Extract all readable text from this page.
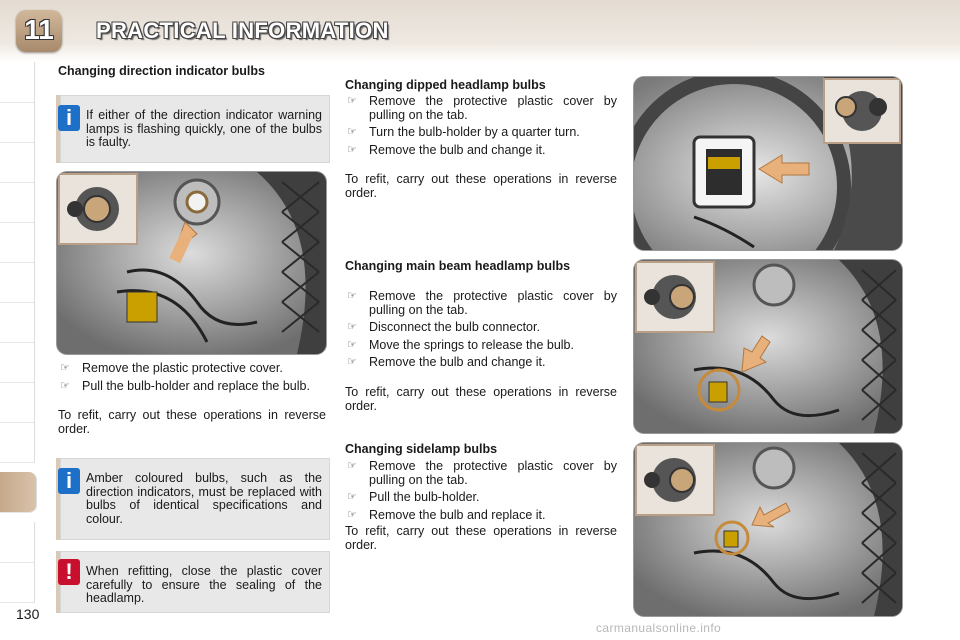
11	PRACTICAL INFORMATION
Changing direction indicator bulbs
i	If either of the direction indicator warning lamps is flashing quickly, one of the bulbs is faulty.
☞ Remove the plastic protective cover.
☞ Pull the bulb-holder and replace the bulb.
To refit, carry out these operations in reverse order.
i	Amber coloured bulbs, such as the direction indicators, must be replaced with bulbs of identical specifications and colour.
!	When refitting, close the plastic cover carefully to ensure the sealing of the headlamp.
Changing dipped headlamp bulbs
☞ Remove the protective plastic cover by pulling on the tab.
☞ Turn the bulb-holder by a quarter turn.
☞ Remove the bulb and change it.
To refit, carry out these operations in reverse order.
Changing main beam headlamp bulbs
☞ Remove the protective plastic cover by pulling on the tab.
☞ Disconnect the bulb connector.
☞ Move the springs to release the bulb.
☞ Remove the bulb and change it.
To refit, carry out these operations in reverse order.
Changing sidelamp bulbs
☞ Remove the protective plastic cover by pulling on the tab.
☞ Pull the bulb-holder.
☞ Remove the bulb and replace it.
To refit, carry out these operations in reverse order.
130
carmanualsonline.info
